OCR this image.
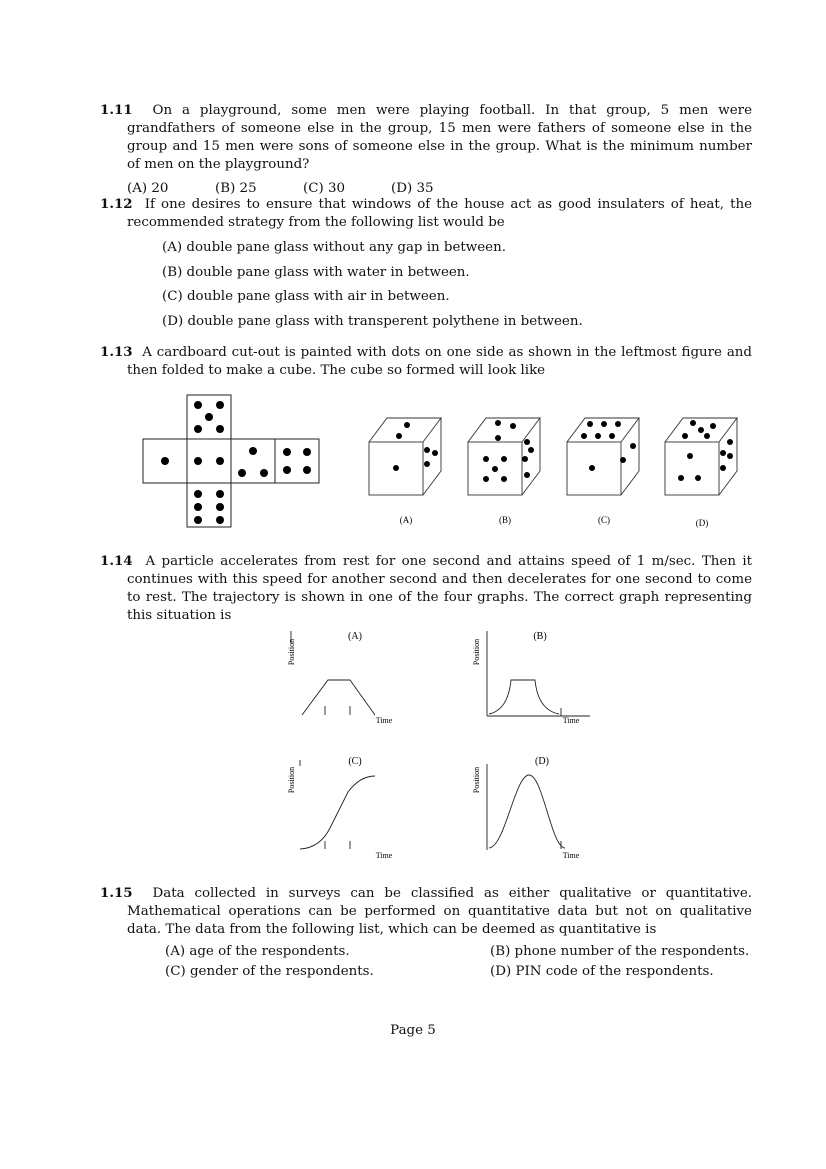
1.11 On a playground, some men were playing football. In that group, 5 men were grandfathers of someone else in the group, 15 men were fathers of someone else in the group and 15 men were sons of someone else in the group. What is the minimum number of men on the playground?

(A) 20	(B) 25	(C) 30	(D) 35

1.12 If one desires to ensure that windows of the house act as good insulaters of heat, the recommended strategy from the following list would be

(A) double pane glass without any gap in between.
(B) double pane glass with water in between.
(C) double pane glass with air in between.
(D) double pane glass with transperent polythene in between.

1.13 A cardboard cut-out is painted with dots on one side as shown in the leftmost figure and then folded to make a cube. The cube so formed will look like

(A)	(B)	(C)	(D)

1.14 A particle accelerates from rest for one second and attains speed of 1 m/sec. Then it continues with this speed for another second and then decelerates for one second to come to rest. The trajectory is shown in one of the four graphs. The correct graph representing this situation is

(A)
Position
Time
(B)
Position
Time
(C)
Position
Time
(D)
Position
Time

1.15 Data collected in surveys can be classified as either qualitative or quantitative. Mathematical operations can be performed on quantitative data but not on qualitative data. The data from the following list, which can be deemed as quantitative is

(A) age of the respondents.	(B) phone number of the respondents.
(C) gender of the respondents.	(D) PIN code of the respondents.
Page 5
